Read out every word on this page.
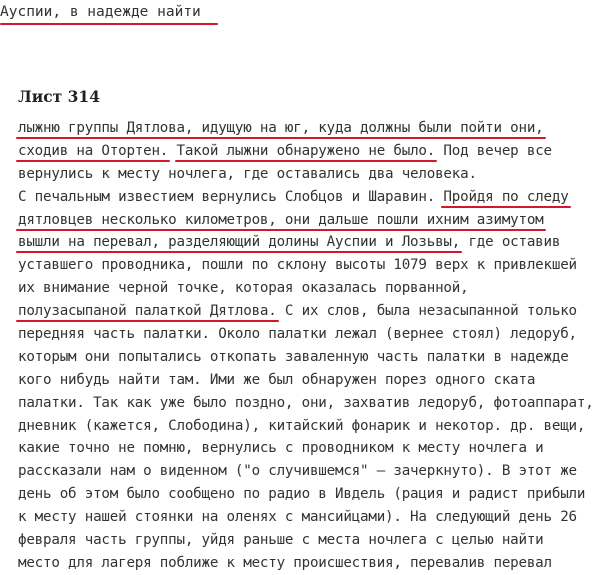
Ауспии, в надежде найти

Лист 314
лыжню группы Дятлова, идущую на юг, куда должны были пойти они,
сходив на Отортен. Такой лыжни обнаружено не было. Под вечер все
вернулись к месту ночлега, где оставались два человека.
С печальным известием вернулись Слобцов и Шаравин. Пройдя по следу
дятловцев несколько километров, они дальше пошли ихним азимутом
вышли на перевал, разделяющий долины Ауспии и Лозьвы, где оставив
уставшего проводника, пошли по склону высоты 1079 верх к привлекшей
их внимание черной точке, которая оказалась порванной,
полузасыпаной палаткой Дятлова. С их слов, была незасыпанной только
передняя часть палатки. Около палатки лежал (вернее стоял) ледоруб,
которым они попытались откопать заваленную часть палатки в надежде
кого нибудь найти там. Ими же был обнаружен порез одного ската
палатки. Так как уже было поздно, они, захватив ледоруб, фотоаппарат,
дневник (кажется, Слободина), китайский фонарик и некотор. др. вещи,
какие точно не помню, вернулись с проводником к месту ночлега и
рассказали нам о виденном ("о случившемся" – зачеркнуто). В этот же
день об этом было сообщено по радио в Ивдель (рация и радист прибыли
к месту нашей стоянки на оленях с мансийцами). На следующий день 26
февраля часть группы, уйдя раньше с места ночлега с целью найти
место для лагеря поближе к месту происшествия, перевалив перевал
